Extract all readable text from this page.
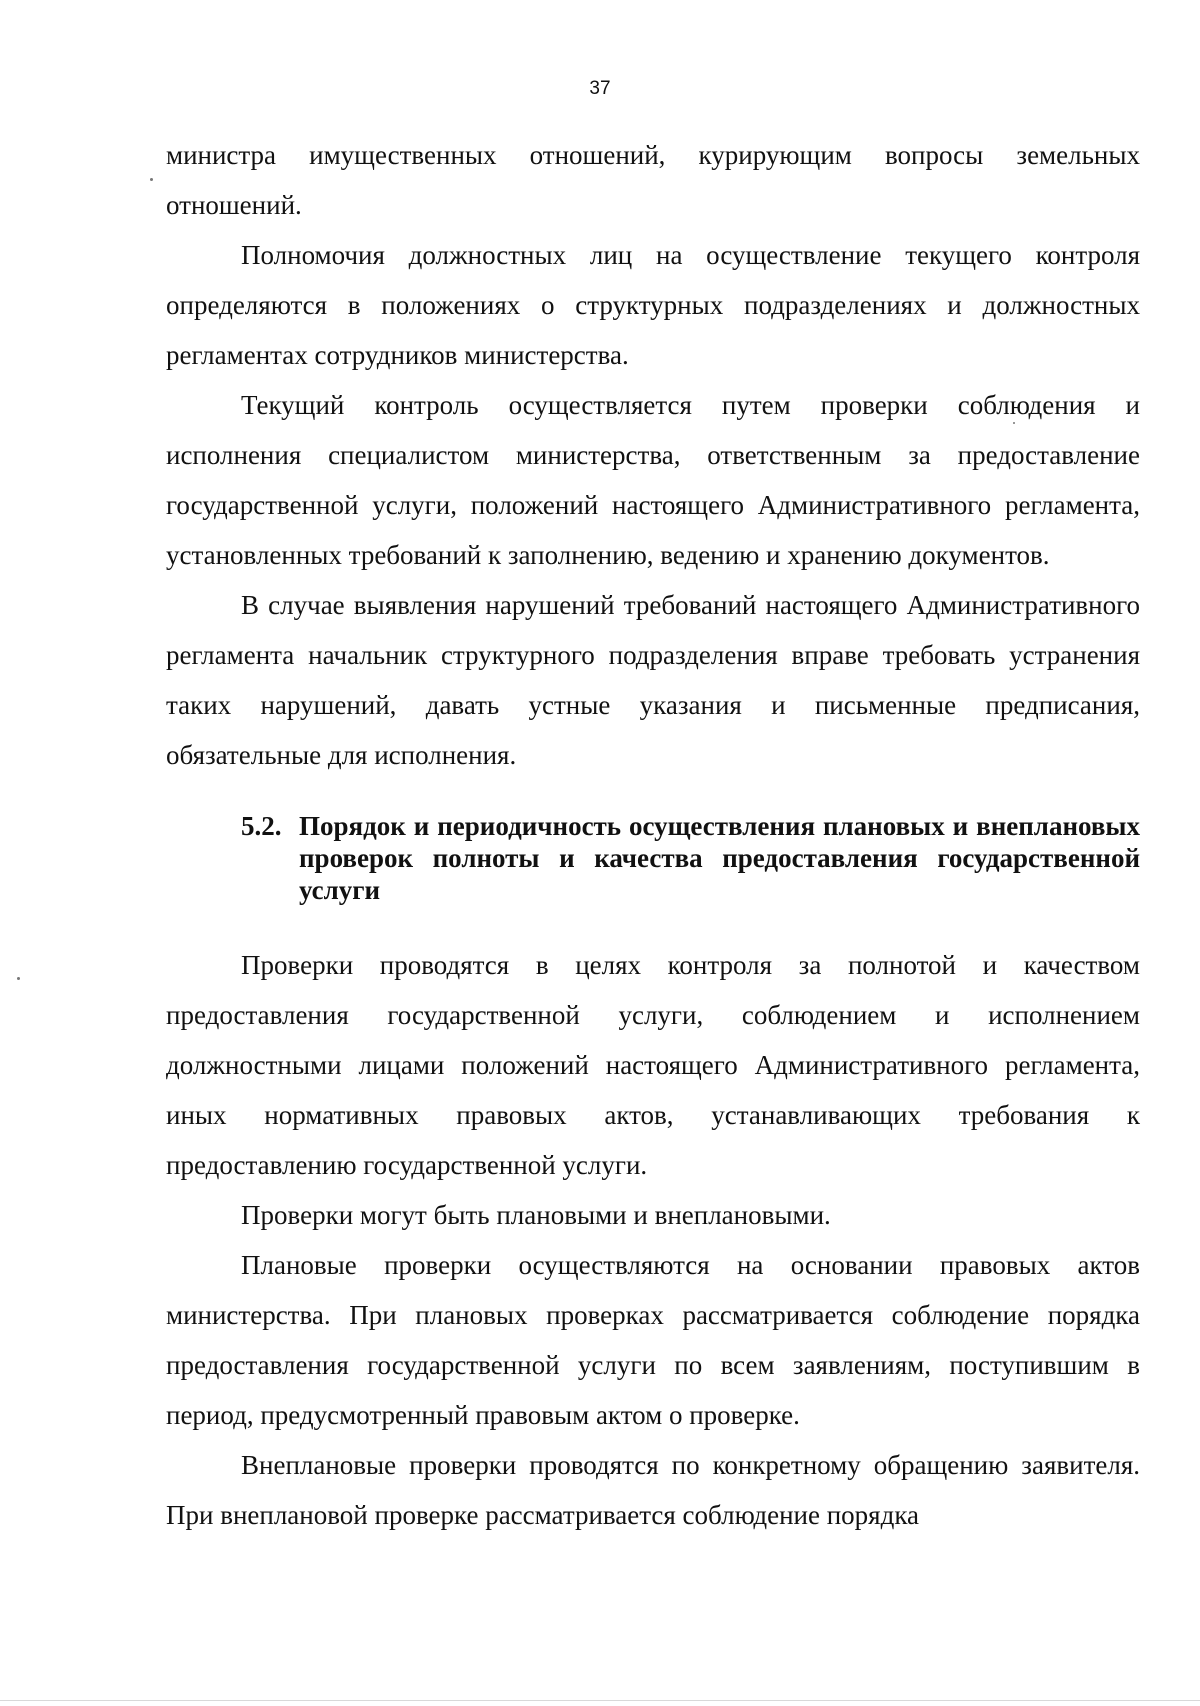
37

министра имущественных отношений, курирующим вопросы земельных отношений.

Полномочия должностных лиц на осуществление текущего контроля определяются в положениях о структурных подразделениях и должностных регламентах сотрудников министерства.

Текущий контроль осуществляется путем проверки соблюдения и исполнения специалистом министерства, ответственным за предоставление государственной услуги, положений настоящего Административного регламента, установленных требований к заполнению, ведению и хранению документов.

В случае выявления нарушений требований настоящего Административного регламента начальник структурного подразделения вправе требовать устранения таких нарушений, давать устные указания и письменные предписания, обязательные для исполнения.

5.2. Порядок и периодичность осуществления плановых и внеплановых проверок полноты и качества предоставления государственной услуги

Проверки проводятся в целях контроля за полнотой и качеством предоставления государственной услуги, соблюдением и исполнением должностными лицами положений настоящего Административного регламента, иных нормативных правовых актов, устанавливающих требования к предоставлению государственной услуги.

Проверки могут быть плановыми и внеплановыми.

Плановые проверки осуществляются на основании правовых актов министерства. При плановых проверках рассматривается соблюдение порядка предоставления государственной услуги по всем заявлениям, поступившим в период, предусмотренный правовым актом о проверке.

Внеплановые проверки проводятся по конкретному обращению заявителя. При внеплановой проверке рассматривается соблюдение порядка
